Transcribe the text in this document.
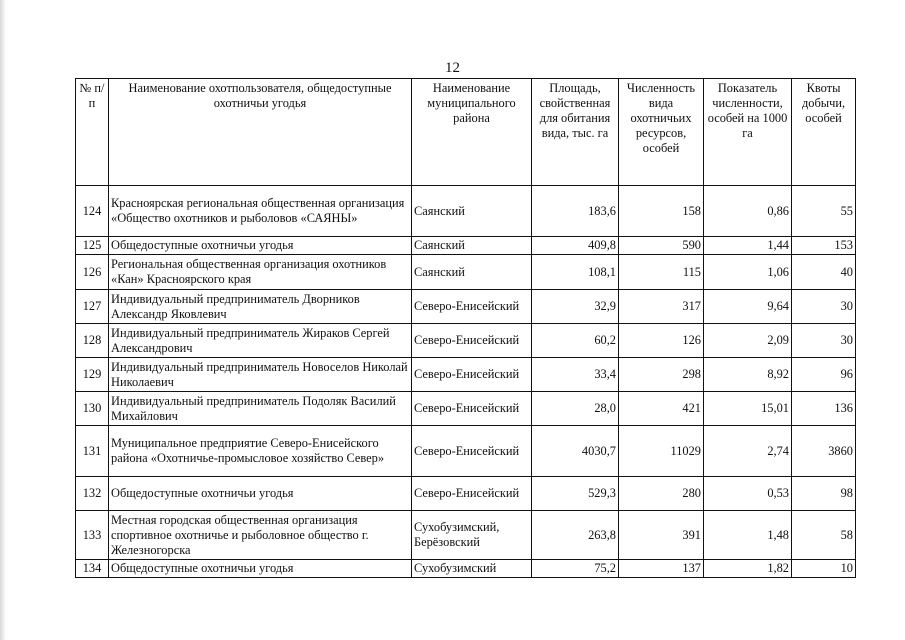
12
№ п/п	Наименование охотпользователя, общедоступные охотничьи угодья	Наименование муниципального района	Площадь, свойственная для обитания вида, тыс. га	Численность вида охотничьих ресурсов, особей	Показатель численности, особей на 1000 га	Квоты добычи, особей
124	Красноярская региональная общественная организация «Общество охотников и рыболовов «САЯНЫ»	Саянский	183,6	158	0,86	55
125	Общедоступные охотничьи угодья	Саянский	409,8	590	1,44	153
126	Региональная общественная организация охотников «Кан» Красноярского края	Саянский	108,1	115	1,06	40
127	Индивидуальный предприниматель Дворников Александр Яковлевич	Северо-Енисейский	32,9	317	9,64	30
128	Индивидуальный предприниматель Жираков Сергей Александрович	Северо-Енисейский	60,2	126	2,09	30
129	Индивидуальный предприниматель Новоселов Николай Николаевич	Северо-Енисейский	33,4	298	8,92	96
130	Индивидуальный предприниматель Подоляк Василий Михайлович	Северо-Енисейский	28,0	421	15,01	136
131	Муниципальное предприятие Северо-Енисейского района «Охотничье-промысловое хозяйство Север»	Северо-Енисейский	4030,7	11029	2,74	3860
132	Общедоступные охотничьи угодья	Северо-Енисейский	529,3	280	0,53	98
133	Местная городская общественная организация спортивное охотничье и рыболовное общество г. Железногорска	Сухобузимский, Берёзовский	263,8	391	1,48	58
134	Общедоступные охотничьи угодья	Сухобузимский	75,2	137	1,82	10
